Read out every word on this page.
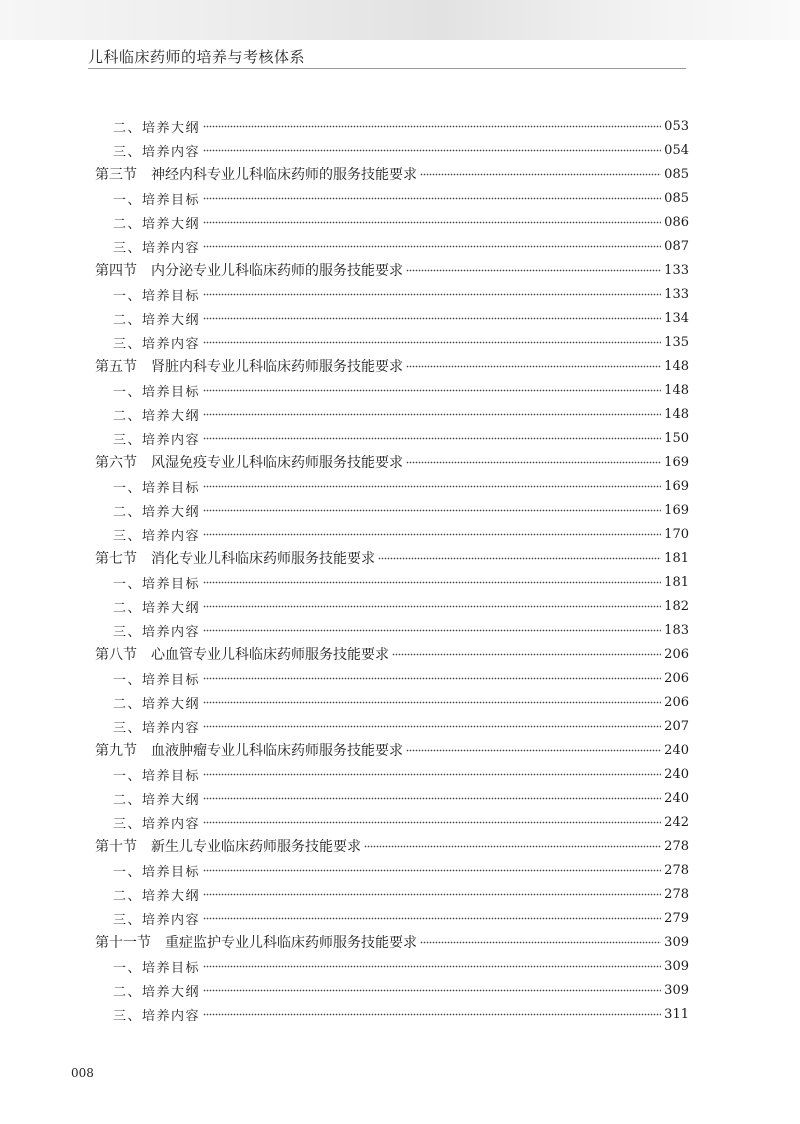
儿科临床药师的培养与考核体系
二、培养大纲	053
三、培养内容	054
第三节　神经内科专业儿科临床药师的服务技能要求	085
一、培养目标	085
二、培养大纲	086
三、培养内容	087
第四节　内分泌专业儿科临床药师的服务技能要求	133
一、培养目标	133
二、培养大纲	134
三、培养内容	135
第五节　肾脏内科专业儿科临床药师服务技能要求	148
一、培养目标	148
二、培养大纲	148
三、培养内容	150
第六节　风湿免疫专业儿科临床药师服务技能要求	169
一、培养目标	169
二、培养大纲	169
三、培养内容	170
第七节　消化专业儿科临床药师服务技能要求	181
一、培养目标	181
二、培养大纲	182
三、培养内容	183
第八节　心血管专业儿科临床药师服务技能要求	206
一、培养目标	206
二、培养大纲	206
三、培养内容	207
第九节　血液肿瘤专业儿科临床药师服务技能要求	240
一、培养目标	240
二、培养大纲	240
三、培养内容	242
第十节　新生儿专业临床药师服务技能要求	278
一、培养目标	278
二、培养大纲	278
三、培养内容	279
第十一节　重症监护专业儿科临床药师服务技能要求	309
一、培养目标	309
二、培养大纲	309
三、培养内容	311
008
